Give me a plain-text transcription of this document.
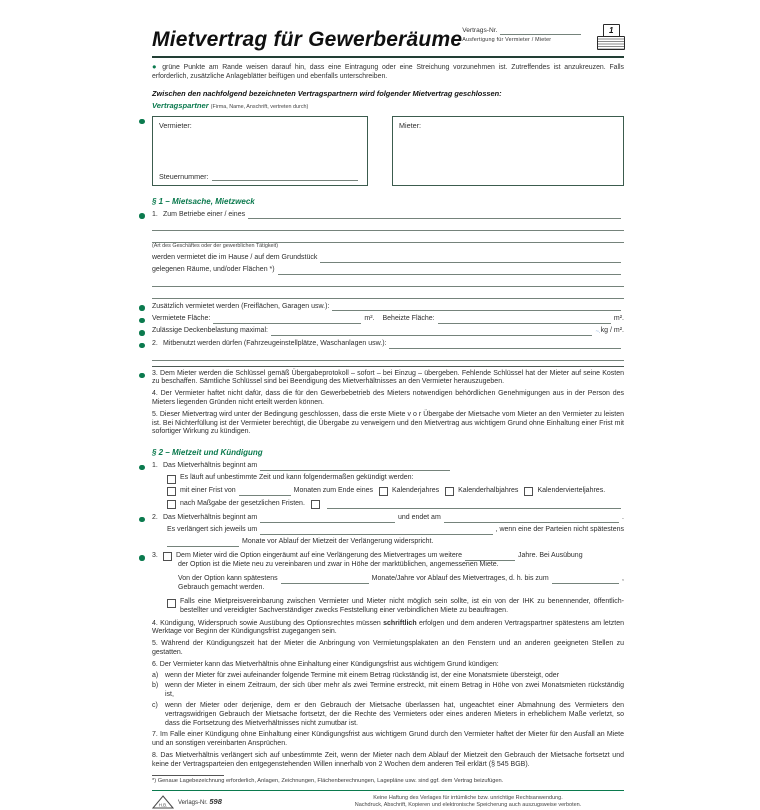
Mietvertrag für Gewerberäume Vertrags-Nr.
Ausfertigung für Vermieter / Mieter
1
● grüne Punkte am Rande weisen darauf hin, dass eine Eintragung oder eine Streichung vorzunehmen ist. Zutreffendes ist anzukreuzen. Falls erforderlich, zusätzliche Anlageblätter beifügen und ebenfalls unterschreiben.
Zwischen den nachfolgend bezeichneten Vertragspartnern wird folgender Mietvertrag geschlossen:
Vertragspartner (Firma, Name, Anschrift, vertreten durch)
Vermieter:
Steuernummer:
Mieter:
§ 1 – Mietsache, Mietzweck
1. Zum Betriebe einer / eines
(Art des Geschäftes oder der gewerblichen Tätigkeit)
werden vermietet die im Hause / auf dem Grundstück
gelegenen Räume, und/oder Flächen *)
Zusätzlich vermietet werden (Freiflächen, Garagen usw.):
Vermietete Fläche:	m². Beheizte Fläche:	m².
Zulässige Deckenbelastung maximal:	~. kg / m².
2. Mitbenutzt werden dürfen (Fahrzeugeinstellplätze, Waschanlagen usw.):
3. Dem Mieter werden die Schlüssel gemäß Übergabeprotokoll – sofort – bei Einzug – übergeben. Fehlende Schlüssel hat der Mieter auf seine Kosten zu beschaffen. Sämtliche Schlüssel sind bei Beendigung des Mietverhältnisses an den Vermieter herauszugeben.
4. Der Vermieter haftet nicht dafür, dass die für den Gewerbebetrieb des Mieters notwendigen behördlichen Genehmigungen aus in der Person des Mieters liegenden Gründen nicht erteilt werden können.
5. Dieser Mietvertrag wird unter der Bedingung geschlossen, dass die erste Miete v o r Übergabe der Mietsache vom Mieter an den Vermieter zu leisten ist. Bei Nichterfüllung ist der Vermieter berechtigt, die Übergabe zu verweigern und den Mietvertrag aus wichtigem Grund ohne Einhaltung einer Frist mit sofortiger Wirkung zu kündigen.
§ 2 – Mietzeit und Kündigung
1. Das Mietverhältnis beginnt am
Es läuft auf unbestimmte Zeit und kann folgendermaßen gekündigt werden:
mit einer Frist von	Monaten zum Ende eines	Kalenderjahres	Kalenderhalbjahres	Kalendervierteljahres.
nach Maßgabe der gesetzlichen Fristen.
2. Das Mietverhältnis beginnt am	und endet am	.
Es verlängert sich jeweils um	, wenn eine der Parteien nicht spätestens
Monate vor Ablauf der Mietzeit der Verlängerung widerspricht.
3.	Dem Mieter wird die Option eingeräumt auf eine Verlängerung des Mietvertrages um weitere	Jahre. Bei Ausübung
der Option ist die Miete neu zu vereinbaren und zwar in Höhe der marktüblichen, angemessenen Miete.
Von der Option kann spätestens	Monate/Jahre vor Ablauf des Mietvertrages, d. h. bis zum	,
Gebrauch gemacht werden.
Falls eine Mietpreisvereinbarung zwischen Vermieter und Mieter nicht möglich sein sollte, ist ein von der IHK zu benennender, öffentlich-bestellter und vereidigter Sachverständiger zwecks Feststellung einer verbindlichen Miete zu beauftragen.
4. Kündigung, Widerspruch sowie Ausübung des Optionsrechtes müssen schriftlich erfolgen und dem anderen Vertragspartner spätestens am letzten Werktage vor Beginn der Kündigungsfrist zugegangen sein.
5. Während der Kündigungszeit hat der Mieter die Anbringung von Vermietungsplakaten an den Fenstern und an anderen geeigneten Stellen zu gestatten.
6. Der Vermieter kann das Mietverhältnis ohne Einhaltung einer Kündigungsfrist aus wichtigem Grund kündigen:
a) wenn der Mieter für zwei aufeinander folgende Termine mit einem Betrag rückständig ist, der eine Monatsmiete übersteigt, oder
b) wenn der Mieter in einem Zeitraum, der sich über mehr als zwei Termine erstreckt, mit einem Betrag in Höhe von zwei Monatsmieten rückständig ist,
c) wenn der Mieter oder derjenige, dem er den Gebrauch der Mietsache überlassen hat, ungeachtet einer Abmahnung des Vermieters den vertragswidrigen Gebrauch der Mietsache fortsetzt, der die Rechte des Vermieters oder eines anderen Mieters in erheblichem Maße verletzt, so dass die Fortsetzung des Mietverhältnisses nicht zumutbar ist.
7. Im Falle einer Kündigung ohne Einhaltung einer Kündigungsfrist aus wichtigem Grund durch den Vermieter haftet der Mieter für den Ausfall an Miete und an sonstigen vereinbarten Ansprüchen.
8. Das Mietverhältnis verlängert sich auf unbestimmte Zeit, wenn der Mieter nach dem Ablauf der Mietzeit den Gebrauch der Mietsache fortsetzt und keine der Vertragsparteien den entgegenstehenden Willen innerhalb von 2 Wochen dem anderen Teil erklärt (§ 545 BGB).
*) Genaue Lagebezeichnung erforderlich, Anlagen, Zeichnungen, Flächenberechnungen, Lagepläne usw. sind ggf. dem Vertrag beizufügen.
H.B. Verlags-Nr. 598	Keine Haftung des Verlages für irrtümliche bzw. unrichtige Rechtsanwendung.
Nachdruck, Abschrift, Kopieren und elektronische Speicherung auch auszugsweise verboten.
